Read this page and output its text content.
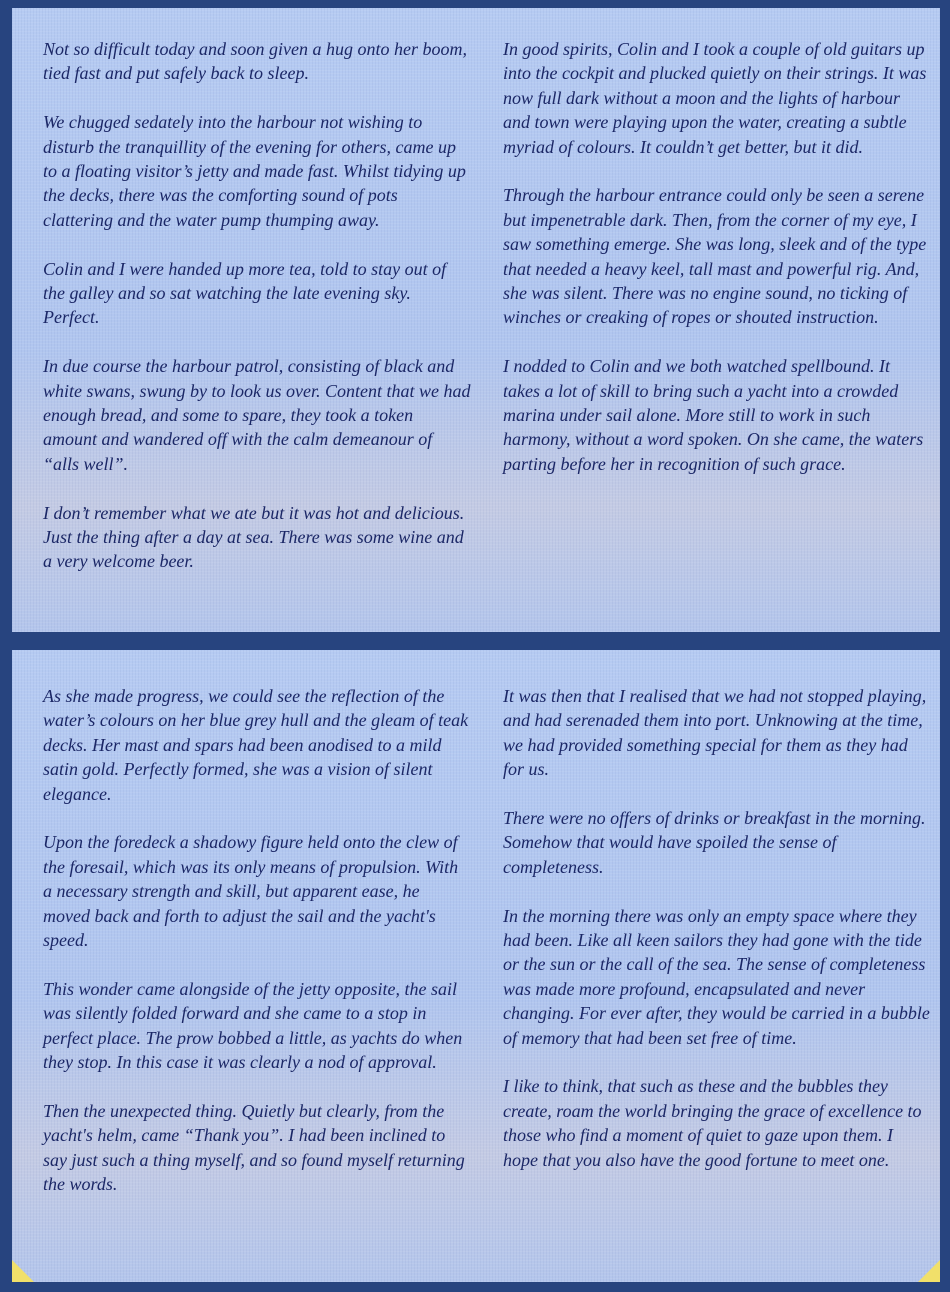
Not so difficult today and soon given a hug onto her boom, tied fast and put safely back to sleep.

We chugged sedately into the harbour not wishing to disturb the tranquillity of the evening for others, came up to a floating visitor’s jetty and made fast. Whilst tidying up the decks, there was the comforting sound of pots clattering and the water pump thumping away.

Colin and I were handed up more tea, told to stay out of the galley and so sat watching the late evening sky. Perfect.

In due course the harbour patrol, consisting of black and white swans, swung by to look us over. Content that we had enough bread, and some to spare, they took a token amount and wandered off with the calm demeanour of “alls well”.

I don’t remember what we ate but it was hot and delicious. Just the thing after a day at sea. There was some wine and a very welcome beer.

In good spirits, Colin and I took a couple of old guitars up into the cockpit and plucked quietly on their strings. It was now full dark without a moon and the lights of harbour and town were playing upon the water, creating a subtle myriad of colours. It couldn’t get better, but it did.

Through the harbour entrance could only be seen a serene but impenetrable dark. Then, from the corner of my eye, I saw something emerge. She was long, sleek and of the type that needed a heavy keel, tall mast and powerful rig. And, she was silent. There was no engine sound, no ticking of winches or creaking of ropes or shouted instruction.

I nodded to Colin and we both watched spellbound. It takes a lot of skill to bring such a yacht into a crowded marina under sail alone. More still to work in such harmony, without a word spoken. On she came, the waters parting before her in recognition of such grace.

As she made progress, we could see the reflection of the water’s colours on her blue grey hull and the gleam of teak decks. Her mast and spars had been anodised to a mild satin gold. Perfectly formed, she was a vision of silent elegance.

Upon the foredeck a shadowy figure held onto the clew of the foresail, which was its only means of propulsion. With a necessary strength and skill, but apparent ease, he moved back and forth to adjust the sail and the yacht's speed.

This wonder came alongside of the jetty opposite, the sail was silently folded forward and she came to a stop in perfect place. The prow bobbed a little, as yachts do when they stop. In this case it was clearly a nod of approval.

Then the unexpected thing. Quietly but clearly, from the yacht's helm, came “Thank you”. I had been inclined to say just such a thing myself, and so found myself returning the words.

It was then that I realised that we had not stopped playing, and had serenaded them into port. Unknowing at the time, we had provided something special for them as they had for us.

There were no offers of drinks or breakfast in the morning. Somehow that would have spoiled the sense of completeness.

In the morning there was only an empty space where they had been. Like all keen sailors they had gone with the tide or the sun or the call of the sea. The sense of completeness was made more profound, encapsulated and never changing. For ever after, they would be carried in a bubble of memory that had been set free of time.

I like to think, that such as these and the bubbles they create, roam the world bringing the grace of excellence to those who find a moment of quiet to gaze upon them. I hope that you also have the good fortune to meet one.
